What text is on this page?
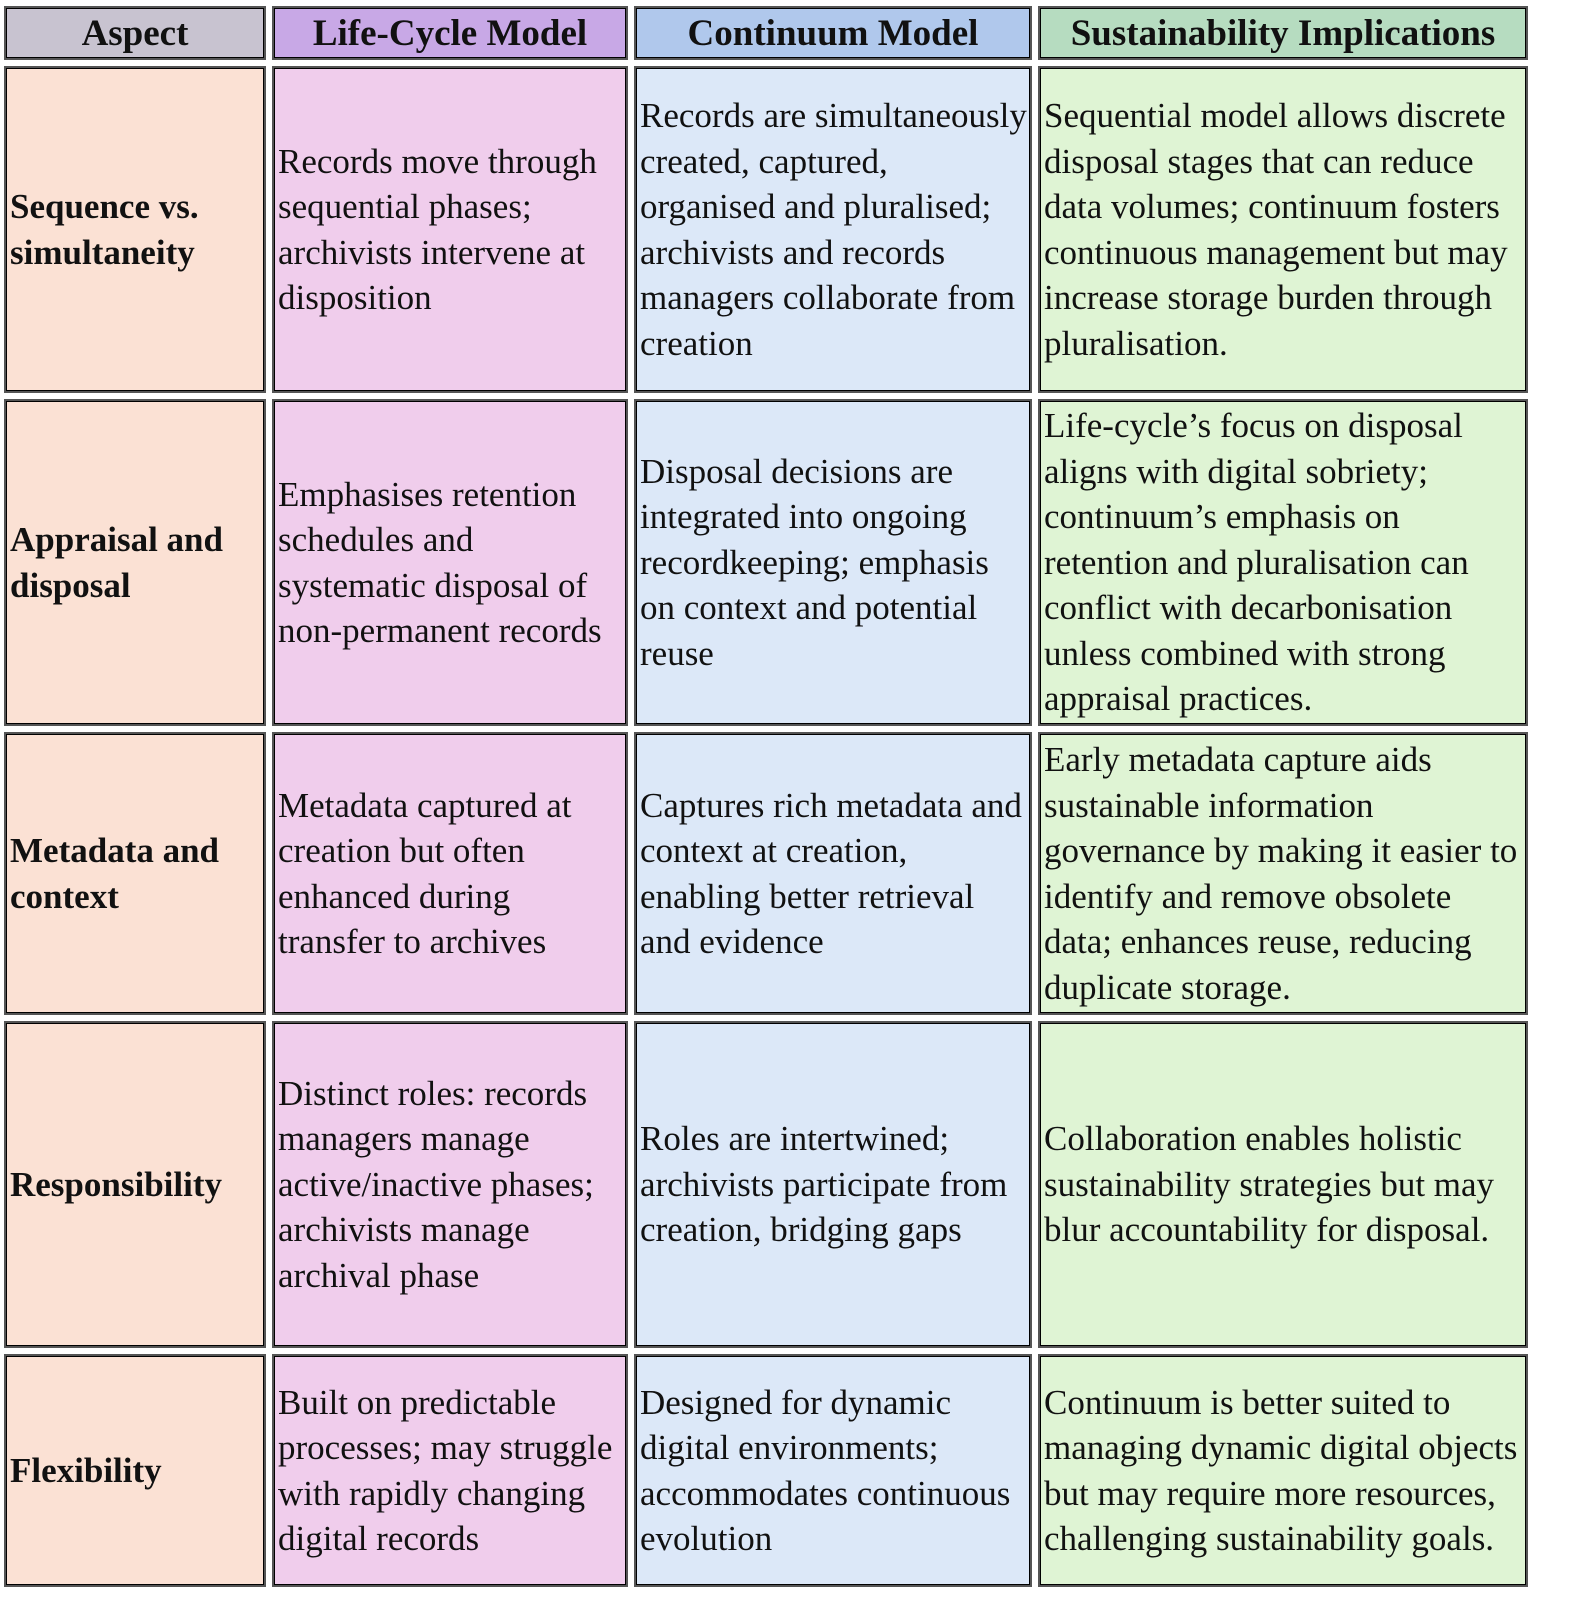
Aspect	Life-Cycle Model	Continuum Model Sustainability Implications
Sequence vs. simultaneity
Records move through sequential phases; archivists intervene at disposition
Records are simultaneously created, captured, organised and pluralised; archivists and records managers collaborate from creation
Sequential model allows discrete disposal stages that can reduce data volumes; continuum fosters continuous management but may increase storage burden through pluralisation.
Appraisal and disposal
Emphasises retention schedules and systematic disposal of non-permanent records
Disposal decisions are integrated into ongoing recordkeeping; emphasis on context and potential reuse
Life-cycle’s focus on disposal aligns with digital sobriety; continuum’s emphasis on retention and pluralisation can conflict with decarbonisation unless combined with strong appraisal practices.
Metadata and context
Metadata captured at creation but often enhanced during transfer to archives
Captures rich metadata and context at creation, enabling better retrieval and evidence
Early metadata capture aids sustainable information governance by making it easier to identify and remove obsolete data; enhances reuse, reducing duplicate storage.
Responsibility
Distinct roles: records managers manage active/inactive phases; archivists manage archival phase
Roles are intertwined; archivists participate from creation, bridging gaps
Collaboration enables holistic sustainability strategies but may blur accountability for disposal.
Flexibility
Built on predictable processes; may struggle with rapidly changing digital records
Designed for dynamic digital environments; accommodates continuous evolution
Continuum is better suited to managing dynamic digital objects but may require more resources, challenging sustainability goals.
